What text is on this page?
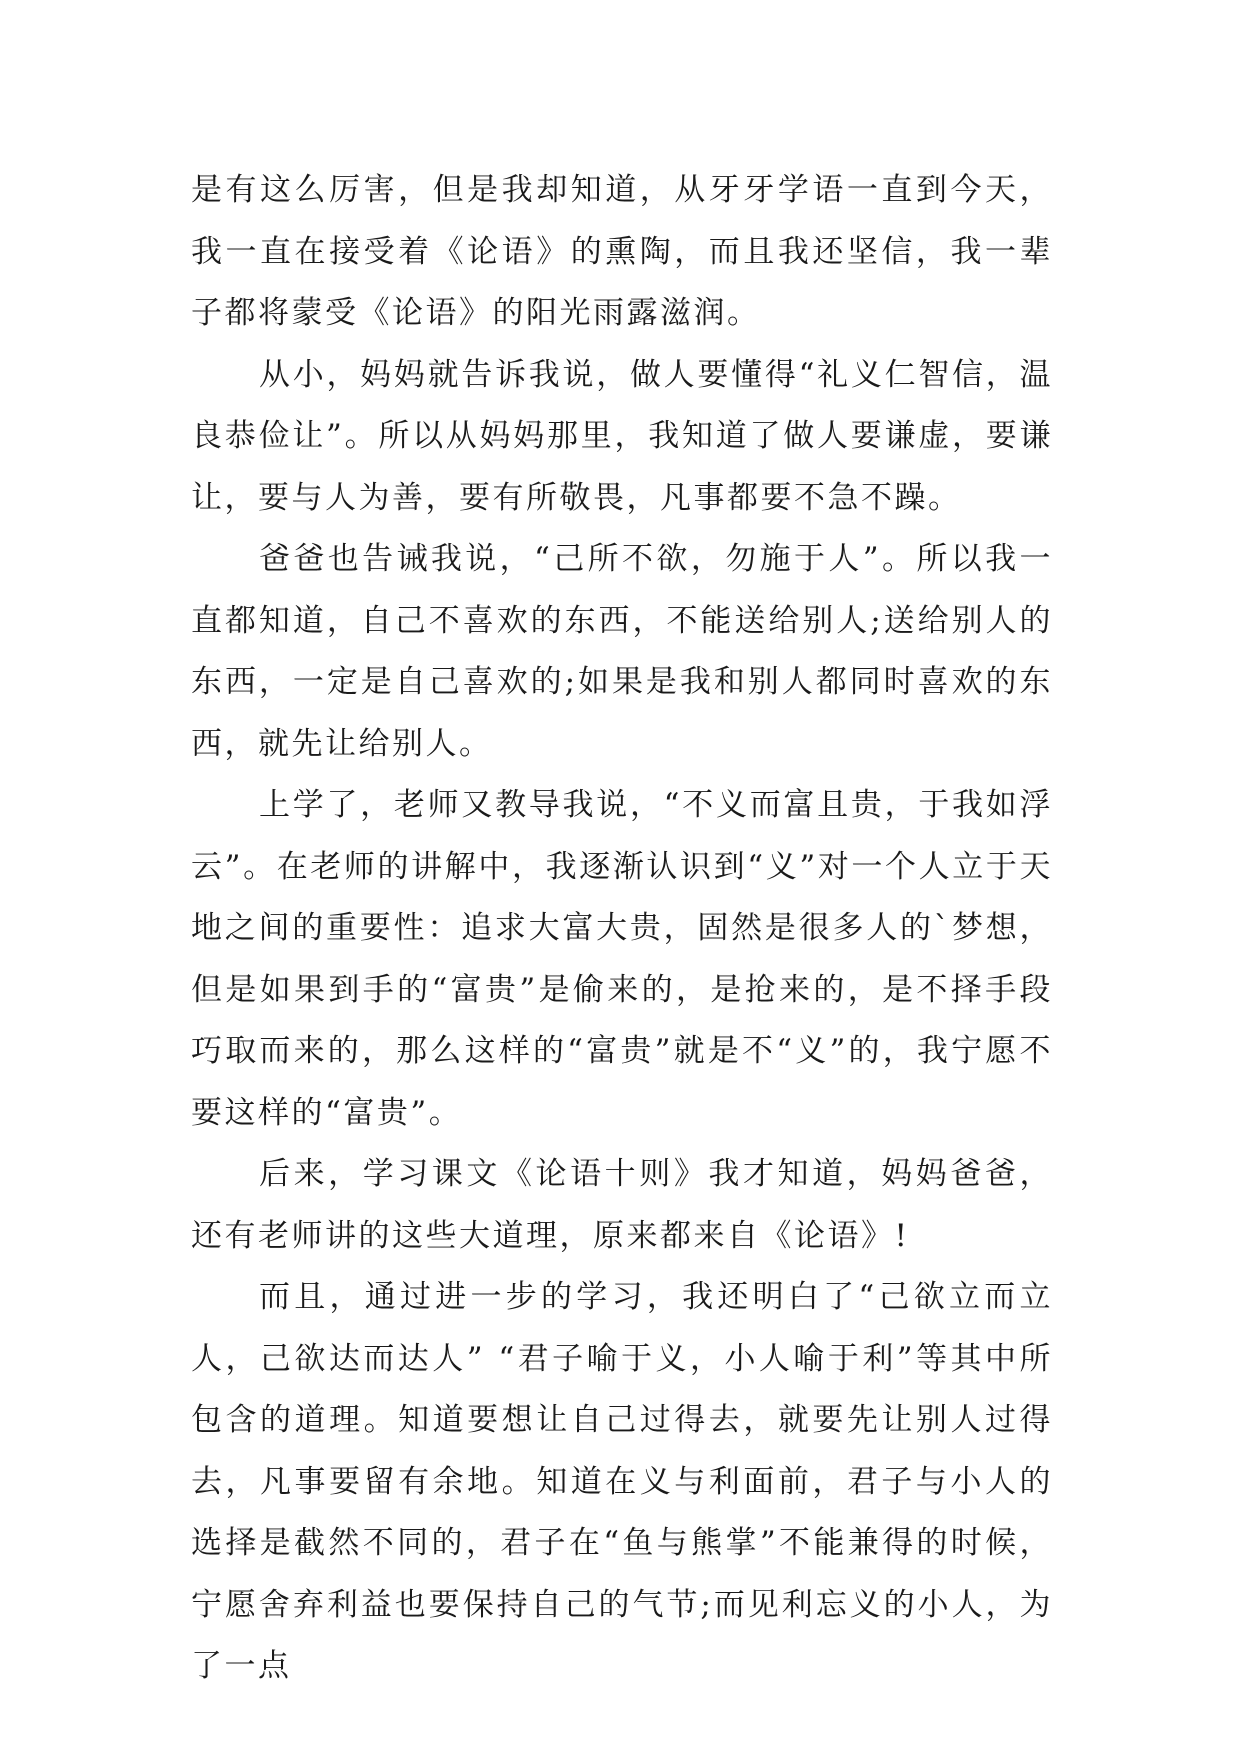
是有这么厉害，但是我却知道，从牙牙学语一直到今天，我一直在接受着《论语》的熏陶，而且我还坚信，我一辈子都将蒙受《论语》的阳光雨露滋润。

从小，妈妈就告诉我说，做人要懂得“礼义仁智信，温良恭俭让”。所以从妈妈那里，我知道了做人要谦虚，要谦让，要与人为善，要有所敬畏，凡事都要不急不躁。

爸爸也告诫我说，“己所不欲，勿施于人”。所以我一直都知道，自己不喜欢的东西，不能送给别人;送给别人的东西，一定是自己喜欢的;如果是我和别人都同时喜欢的东西，就先让给别人。

上学了，老师又教导我说，“不义而富且贵，于我如浮云”。在老师的讲解中，我逐渐认识到“义”对一个人立于天地之间的重要性：追求大富大贵，固然是很多人的`梦想，但是如果到手的“富贵”是偷来的，是抢来的，是不择手段巧取而来的，那么这样的“富贵”就是不“义”的，我宁愿不要这样的“富贵”。

后来，学习课文《论语十则》我才知道，妈妈爸爸，还有老师讲的这些大道理，原来都来自《论语》!

而且，通过进一步的学习，我还明白了“己欲立而立人，己欲达而达人” “君子喻于义，小人喻于利”等其中所包含的道理。知道要想让自己过得去，就要先让别人过得去，凡事要留有余地。知道在义与利面前，君子与小人的选择是截然不同的，君子在“鱼与熊掌”不能兼得的时候，宁愿舍弃利益也要保持自己的气节;而见利忘义的小人，为了一点
